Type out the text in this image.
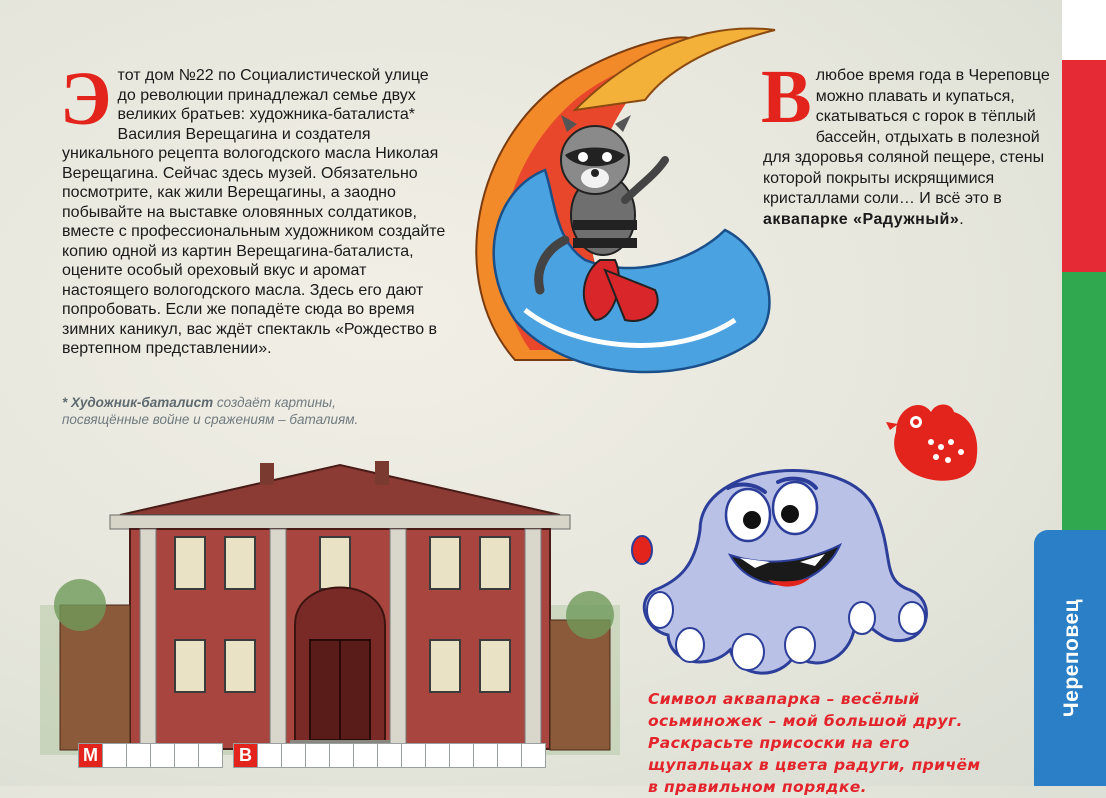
Череповец
Этот дом №22 по Социалистической улице до революции принадлежал семье двух великих братьев: художника-баталиста* Василия Верещагина и создателя уникального рецепта вологодского масла Николая Верещагина. Сейчас здесь музей. Обязательно посмотрите, как жили Верещагины, а заодно побывайте на выставке оловянных солдатиков, вместе с профессиональным художником создайте копию одной из картин Верещагина-баталиста, оцените особый ореховый вкус и аромат настоящего вологодского масла. Здесь его дают попробовать. Если же попадёте сюда во время зимних каникул, вас ждёт спектакль «Рождество в вертепном представлении».
* Художник-баталист создаёт картины, посвящённые войне и сражениям – баталиям.
Влюбое время года в Череповце можно плавать и купаться, скатываться с горок в тёплый бассейн, отдыхать в полезной для здоровья соляной пещере, стены которой покрыты искрящимися кристаллами соли… И всё это в аквапарке «Радужный».
Символ аквапарка – весёлый осьминожек – мой большой друг. Раскрасьте присоски на его щупальцах в цвета радуги, причём в правильном порядке.
М	В
